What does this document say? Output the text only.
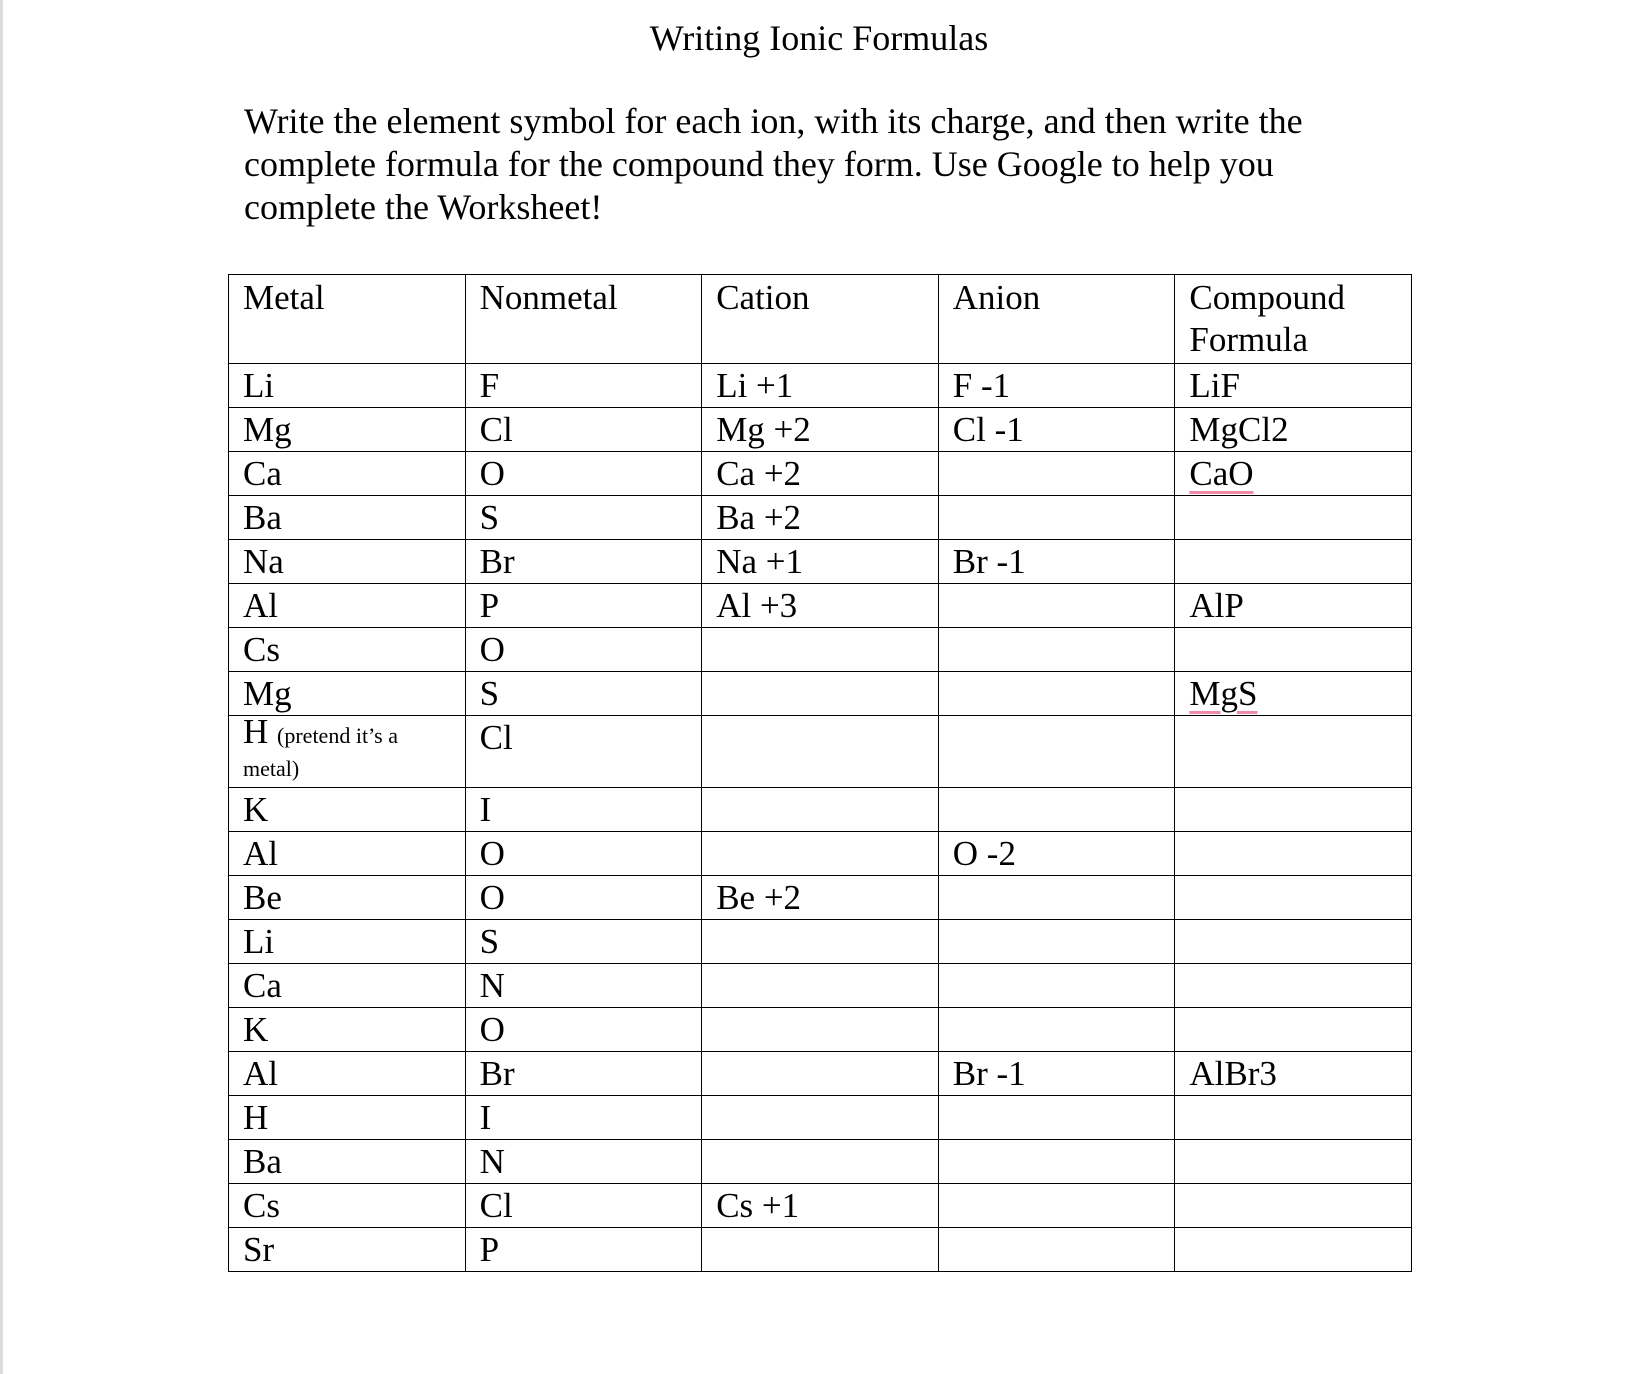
Writing Ionic Formulas

Write the element symbol for each ion, with its charge, and then write the complete formula for the compound they form. Use Google to help you complete the Worksheet!

Metal	Nonmetal	Cation	Anion	Compound Formula
Li	F	Li +1	F -1	LiF
Mg	Cl	Mg +2	Cl -1	MgCl2
Ca	O	Ca +2		CaO
Ba	S	Ba +2		
Na	Br	Na +1	Br -1	
Al	P	Al +3		AlP
Cs	O			
Mg	S			MgS
H (pretend it’s a metal)	Cl			
K	I			
Al	O		O -2	
Be	O	Be +2		
Li	S			
Ca	N			
K	O			
Al	Br		Br -1	AlBr3
H	I			
Ba	N			
Cs	Cl	Cs +1		
Sr	P			
